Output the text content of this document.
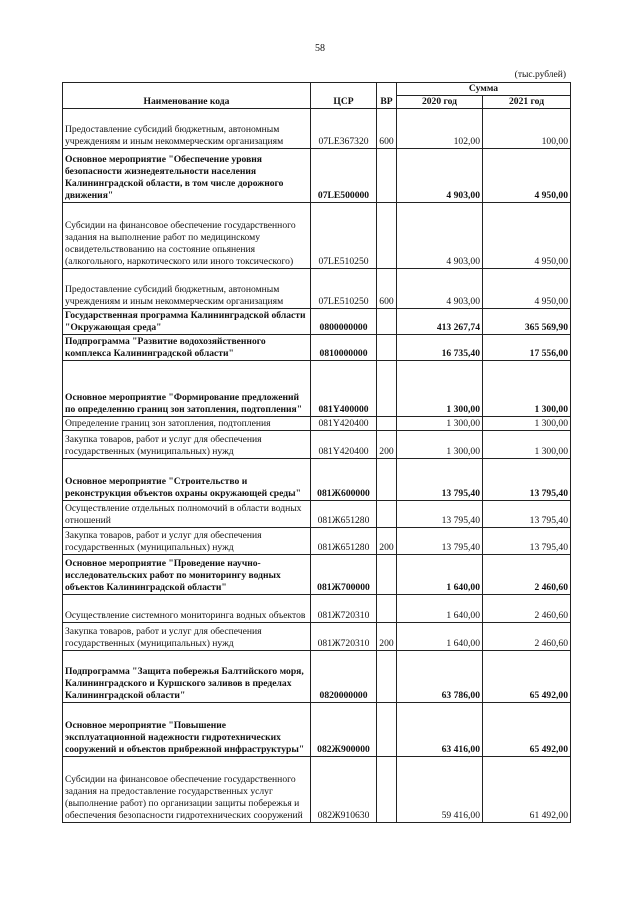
58
(тыс.рублей)
Наименование кода	ЦСР	ВР	Сумма	
			2020 год	2021 год
Предоставление субсидий бюджетным, автономным учреждениям и иным некоммерческим организациям	07LE367320	600	102,00	100,00
Основное мероприятие "Обеспечение уровня безопасности жизнедеятельности населения Калининградской области, в том числе дорожного движения"	07LE500000		4 903,00	4 950,00
Субсидии на финансовое обеспечение государственного задания на выполнение работ по медицинскому освидетельствованию на состояние опьянения (алкогольного, наркотического или иного токсического)	07LE510250		4 903,00	4 950,00
Предоставление субсидий бюджетным, автономным учреждениям и иным некоммерческим организациям	07LE510250	600	4 903,00	4 950,00
Государственная программа Калининградской области "Окружающая среда"	0800000000		413 267,74	365 569,90
Подпрограмма "Развитие водохозяйственного комплекса Калининградской области"	0810000000		16 735,40	17 556,00
Основное мероприятие "Формирование предложений по определению границ зон затопления, подтопления"	081Y400000		1 300,00	1 300,00
Определение границ зон затопления, подтопления	081Y420400		1 300,00	1 300,00
Закупка товаров, работ и услуг для обеспечения государственных (муниципальных) нужд	081Y420400	200	1 300,00	1 300,00
Основное мероприятие "Строительство и реконструкция объектов охраны окружающей среды"	081Ж600000		13 795,40	13 795,40
Осуществление отдельных полномочий в области водных отношений	081Ж651280		13 795,40	13 795,40
Закупка товаров, работ и услуг для обеспечения государственных (муниципальных) нужд	081Ж651280	200	13 795,40	13 795,40
Основное мероприятие "Проведение научно-исследовательских работ по мониторингу водных объектов Калининградской области"	081Ж700000		1 640,00	2 460,60
Осуществление системного мониторинга водных объектов	081Ж720310		1 640,00	2 460,60
Закупка товаров, работ и услуг для обеспечения государственных (муниципальных) нужд	081Ж720310	200	1 640,00	2 460,60
Подпрограмма "Защита побережья Балтийского моря, Калининградского и Куршского заливов в пределах Калининградской области"	0820000000		63 786,00	65 492,00
Основное мероприятие "Повышение эксплуатационной надежности гидротехнических сооружений и объектов прибрежной инфраструктуры"	082Ж900000		63 416,00	65 492,00
Субсидии на финансовое обеспечение государственного задания на предоставление государственных услуг (выполнение работ) по организации защиты побережья и обеспечения безопасности гидротехнических сооружений	082Ж910630		59 416,00	61 492,00
